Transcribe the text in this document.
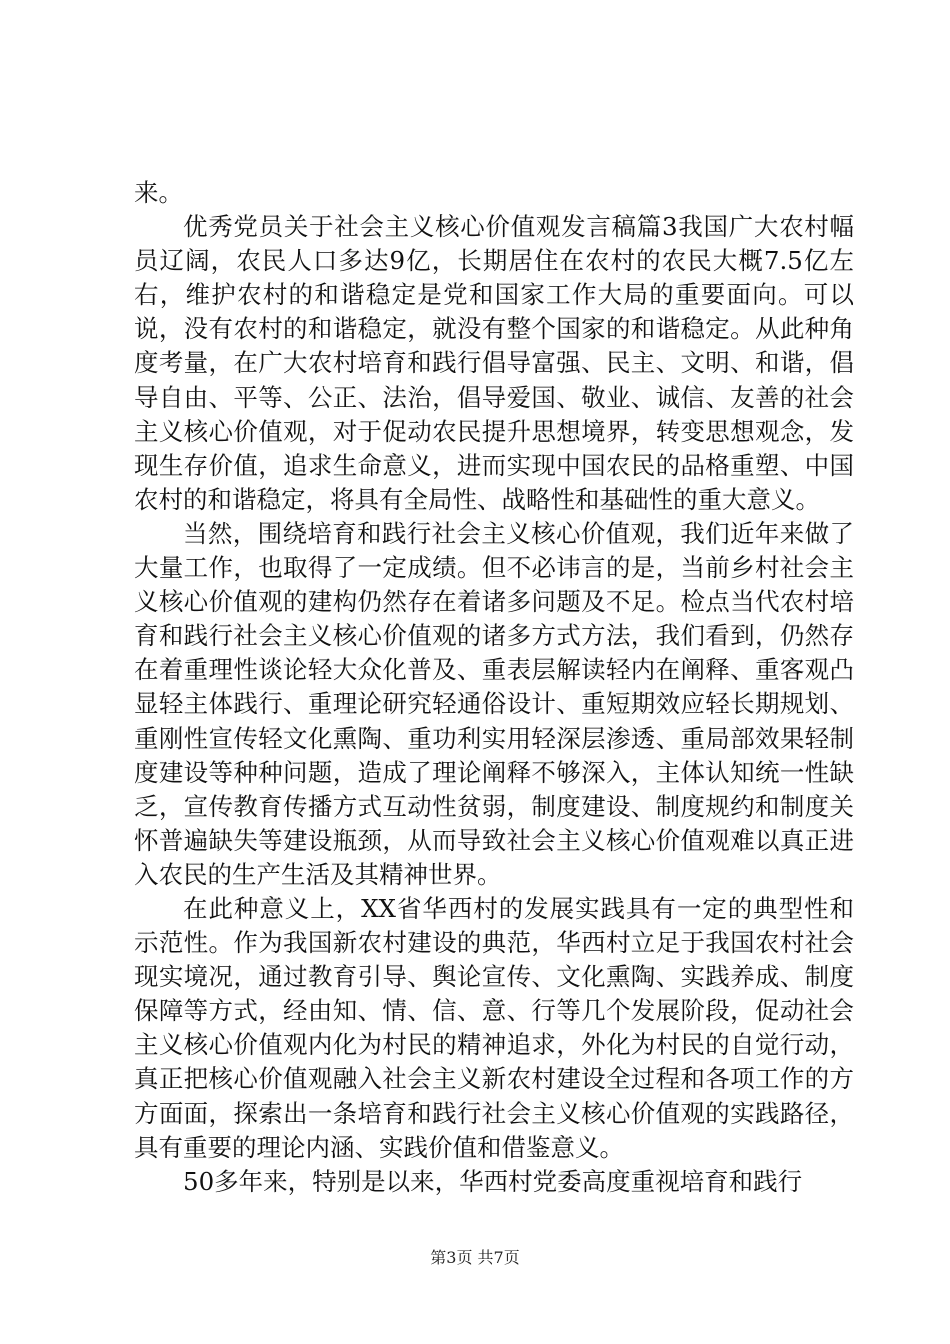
来。

优秀党员关于社会主义核心价值观发言稿篇3我国广大农村幅员辽阔，农民人口多达9亿，长期居住在农村的农民大概7.5亿左右，维护农村的和谐稳定是党和国家工作大局的重要面向。可以说，没有农村的和谐稳定，就没有整个国家的和谐稳定。从此种角度考量，在广大农村培育和践行倡导富强、民主、文明、和谐，倡导自由、平等、公正、法治，倡导爱国、敬业、诚信、友善的社会主义核心价值观，对于促动农民提升思想境界，转变思想观念，发现生存价值，追求生命意义，进而实现中国农民的品格重塑、中国农村的和谐稳定，将具有全局性、战略性和基础性的重大意义。

当然，围绕培育和践行社会主义核心价值观，我们近年来做了大量工作，也取得了一定成绩。但不必讳言的是，当前乡村社会主义核心价值观的建构仍然存在着诸多问题及不足。检点当代农村培育和践行社会主义核心价值观的诸多方式方法，我们看到，仍然存在着重理性谈论轻大众化普及、重表层解读轻内在阐释、重客观凸显轻主体践行、重理论研究轻通俗设计、重短期效应轻长期规划、重刚性宣传轻文化熏陶、重功利实用轻深层渗透、重局部效果轻制度建设等种种问题，造成了理论阐释不够深入，主体认知统一性缺乏，宣传教育传播方式互动性贫弱，制度建设、制度规约和制度关怀普遍缺失等建设瓶颈，从而导致社会主义核心价值观难以真正进入农民的生产生活及其精神世界。

在此种意义上，XX省华西村的发展实践具有一定的典型性和示范性。作为我国新农村建设的典范，华西村立足于我国农村社会现实境况，通过教育引导、舆论宣传、文化熏陶、实践养成、制度保障等方式，经由知、情、信、意、行等几个发展阶段，促动社会主义核心价值观内化为村民的精神追求，外化为村民的自觉行动，真正把核心价值观融入社会主义新农村建设全过程和各项工作的方方面面，探索出一条培育和践行社会主义核心价值观的实践路径，具有重要的理论内涵、实践价值和借鉴意义。

50多年来，特别是以来，华西村党委高度重视培育和践行

第3页 共7页
